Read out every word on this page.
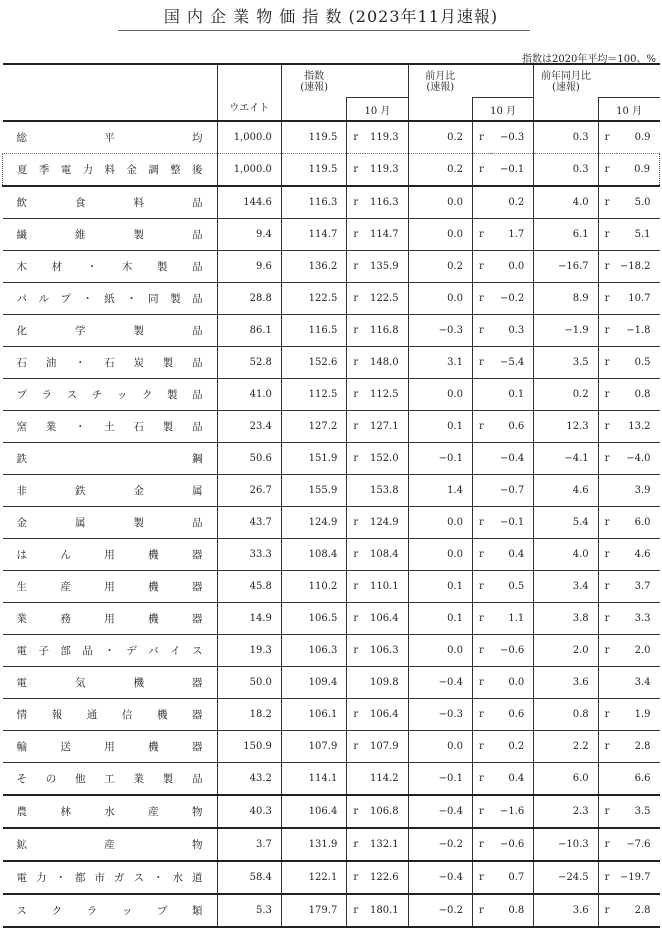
国 内 企 業 物 価 指 数 (2023年11月速報)
指数は2020年平均＝100、%
	ウエイト	指数
(速報)			前月比
(速報)			前年同月比
(速報)		
			10 月			10 月			10 月	
総 平 均	1,000.0	119.5	r	119.3	0.2	r	−0.3	0.3	r	0.9
夏季電力料金調整後	1,000.0	119.5	r	119.3	0.2	r	−0.1	0.3	r	0.9
飲 食 料 品	144.6	116.3	r	116.3	0.0		0.2	4.0	r	5.0
繊 維 製 品	9.4	114.7	r	114.7	0.0	r	1.7	6.1	r	5.1
木 材 ・ 木 製 品	9.6	136.2	r	135.9	0.2	r	0.0	−16.7	r	−18.2
パ ル プ ・ 紙 ・ 同 製 品	28.8	122.5	r	122.5	0.0	r	−0.2	8.9	r	10.7
化 学 製 品	86.1	116.5	r	116.8	−0.3	r	0.3	−1.9	r	−1.8
石 油 ・ 石 炭 製 品	52.8	152.6	r	148.0	3.1	r	−5.4	3.5	r	0.5
プ ラ ス チ ッ ク 製 品	41.0	112.5	r	112.5	0.0		0.1	0.2	r	0.8
窯 業 ・ 土 石 製 品	23.4	127.2	r	127.1	0.1	r	0.6	12.3	r	13.2
鉄 鋼	50.6	151.9	r	152.0	−0.1		−0.4	−4.1	r	−4.0
非 鉄 金 属	26.7	155.9		153.8	1.4		−0.7	4.6		3.9
金 属 製 品	43.7	124.9	r	124.9	0.0	r	−0.1	5.4	r	6.0
は ん 用 機 器	33.3	108.4	r	108.4	0.0	r	0.4	4.0	r	4.6
生 産 用 機 器	45.8	110.2	r	110.1	0.1	r	0.5	3.4	r	3.7
業 務 用 機 器	14.9	106.5	r	106.4	0.1	r	1.1	3.8	r	3.3
電 子 部 品 ・ デ バ イ ス	19.3	106.3	r	106.3	0.0	r	−0.6	2.0	r	2.0
電 気 機 器	50.0	109.4		109.8	−0.4	r	0.0	3.6		3.4
情 報 通 信 機 器	18.2	106.1	r	106.4	−0.3	r	0.6	0.8	r	1.9
輸 送 用 機 器	150.9	107.9	r	107.9	0.0	r	0.2	2.2	r	2.8
そ の 他 工 業 製 品	43.2	114.1		114.2	−0.1	r	0.4	6.0		6.6
農 林 水 産 物	40.3	106.4	r	106.8	−0.4	r	−1.6	2.3	r	3.5
鉱 産 物	3.7	131.9	r	132.1	−0.2	r	−0.6	−10.3	r	−7.6
電 力 ・ 都 市 ガ ス ・ 水 道	58.4	122.1	r	122.6	−0.4	r	0.7	−24.5	r	−19.7
ス ク ラ ッ プ 類	5.3	179.7	r	180.1	−0.2	r	0.8	3.6	r	2.8
